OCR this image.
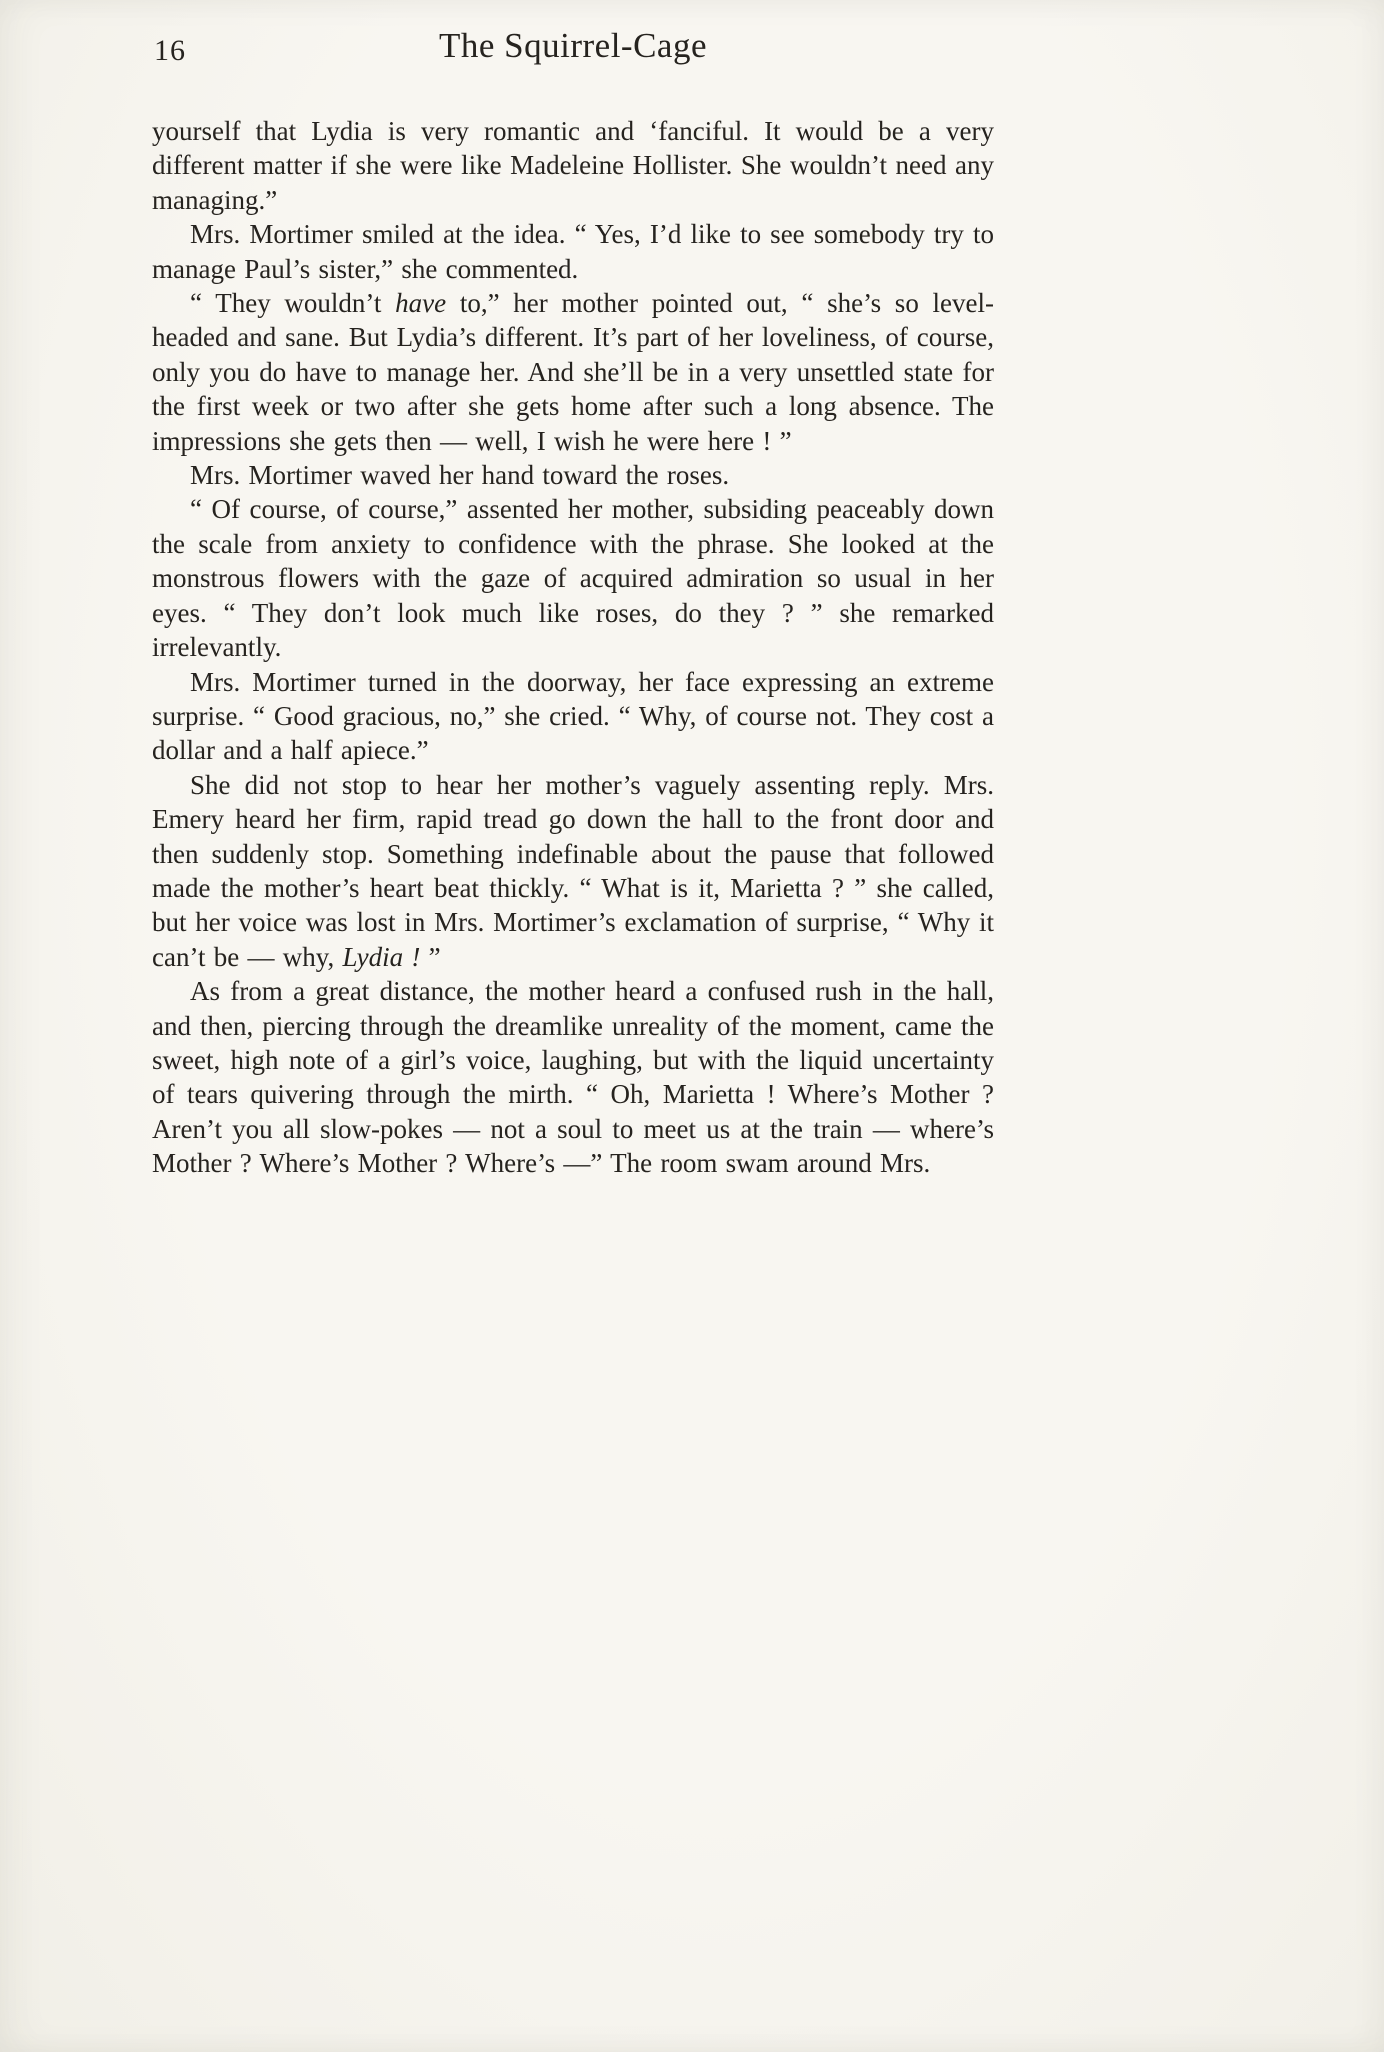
16	The Squirrel-Cage

yourself that Lydia is very romantic and ʻfanciful. It would be a very different matter if she were like Madeleine Hollister. She wouldn’t need any managing.”

Mrs. Mortimer smiled at the idea. “ Yes, I’d like to see somebody try to manage Paul’s sister,” she commented.

“ They wouldn’t have to,” her mother pointed out, “ she’s so level-headed and sane. But Lydia’s different. It’s part of her loveliness, of course, only you do have to manage her. And she’ll be in a very unsettled state for the first week or two after she gets home after such a long absence. The impressions she gets then — well, I wish he were here ! ”

Mrs. Mortimer waved her hand toward the roses.

“ Of course, of course,” assented her mother, subsiding peaceably down the scale from anxiety to confidence with the phrase. She looked at the monstrous flowers with the gaze of acquired admiration so usual in her eyes. “ They don’t look much like roses, do they ? ” she remarked irrelevantly.

Mrs. Mortimer turned in the doorway, her face expressing an extreme surprise. “ Good gracious, no,” she cried. “ Why, of course not. They cost a dollar and a half apiece.”

She did not stop to hear her mother’s vaguely assenting reply. Mrs. Emery heard her firm, rapid tread go down the hall to the front door and then suddenly stop. Something indefinable about the pause that followed made the mother’s heart beat thickly. “ What is it, Marietta ? ” she called, but her voice was lost in Mrs. Mortimer’s exclamation of surprise, “ Why it can’t be — why, Lydia ! ”

As from a great distance, the mother heard a confused rush in the hall, and then, piercing through the dreamlike unreality of the moment, came the sweet, high note of a girl’s voice, laughing, but with the liquid uncertainty of tears quivering through the mirth. “ Oh, Marietta ! Where’s Mother ? Aren’t you all slow-pokes — not a soul to meet us at the train — where’s Mother ? Where’s Mother ? Where’s —” The room swam around Mrs.
